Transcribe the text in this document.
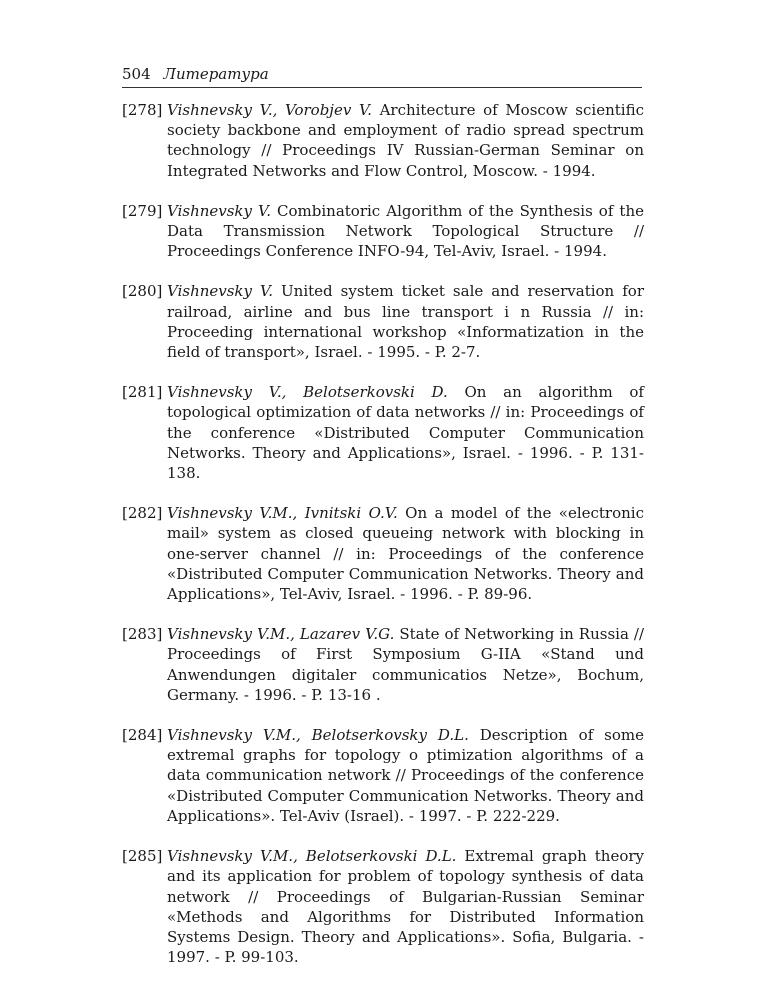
504 Литература
[278] Vishnevsky V., Vorobjev V. Architecture of Moscow scientific society backbone and employment of radio spread spectrum technology // Proceedings IV Russian-German Seminar on Integrated Networks and Flow Control, Moscow. - 1994.
[279] Vishnevsky V. Combinatoric Algorithm of the Synthesis of the Data Transmission Network Topological Structure // Proceedings Conference INFO-94, Tel-Aviv, Israel. - 1994.
[280] Vishnevsky V. United system ticket sale and reservation for railroad, airline and bus line transport i n Russia // in: Proceeding international workshop «Informatization in the field of transport», Israel. - 1995. - P. 2-7.
[281] Vishnevsky V., Belotserkovski D. On an algorithm of topological optimization of data networks // in: Proceedings of the conference «Distributed Computer Communication Networks. Theory and Applications», Israel. - 1996. - P. 131-138.
[282] Vishnevsky V.M., Ivnitski O.V. On a model of the «electronic mail» system as closed queueing network with blocking in one-server channel // in: Proceedings of the conference «Distributed Computer Communication Networks. Theory and Applications», Tel-Aviv, Israel. - 1996. - P. 89-96.
[283] Vishnevsky V.M., Lazarev V.G. State of Networking in Russia // Proceedings of First Symposium G-IIA «Stand und Anwendungen digitaler communicatios Netze», Bochum, Germany. - 1996. - P. 13-16 .
[284] Vishnevsky V.M., Belotserkovsky D.L. Description of some extremal graphs for topology o ptimization algorithms of a data communication network // Proceedings of the conference «Distributed Computer Communication Networks. Theory and Applications». Tel-Aviv (Israel). - 1997. - P. 222-229.
[285] Vishnevsky V.M., Belotserkovski D.L. Extremal graph theory and its application for problem of topology synthesis of data network // Proceedings of Bulgarian-Russian Seminar «Methods and Algorithms for Distributed Information Systems Design. Theory and Applications». Sofia, Bulgaria. - 1997. - P. 99-103.
